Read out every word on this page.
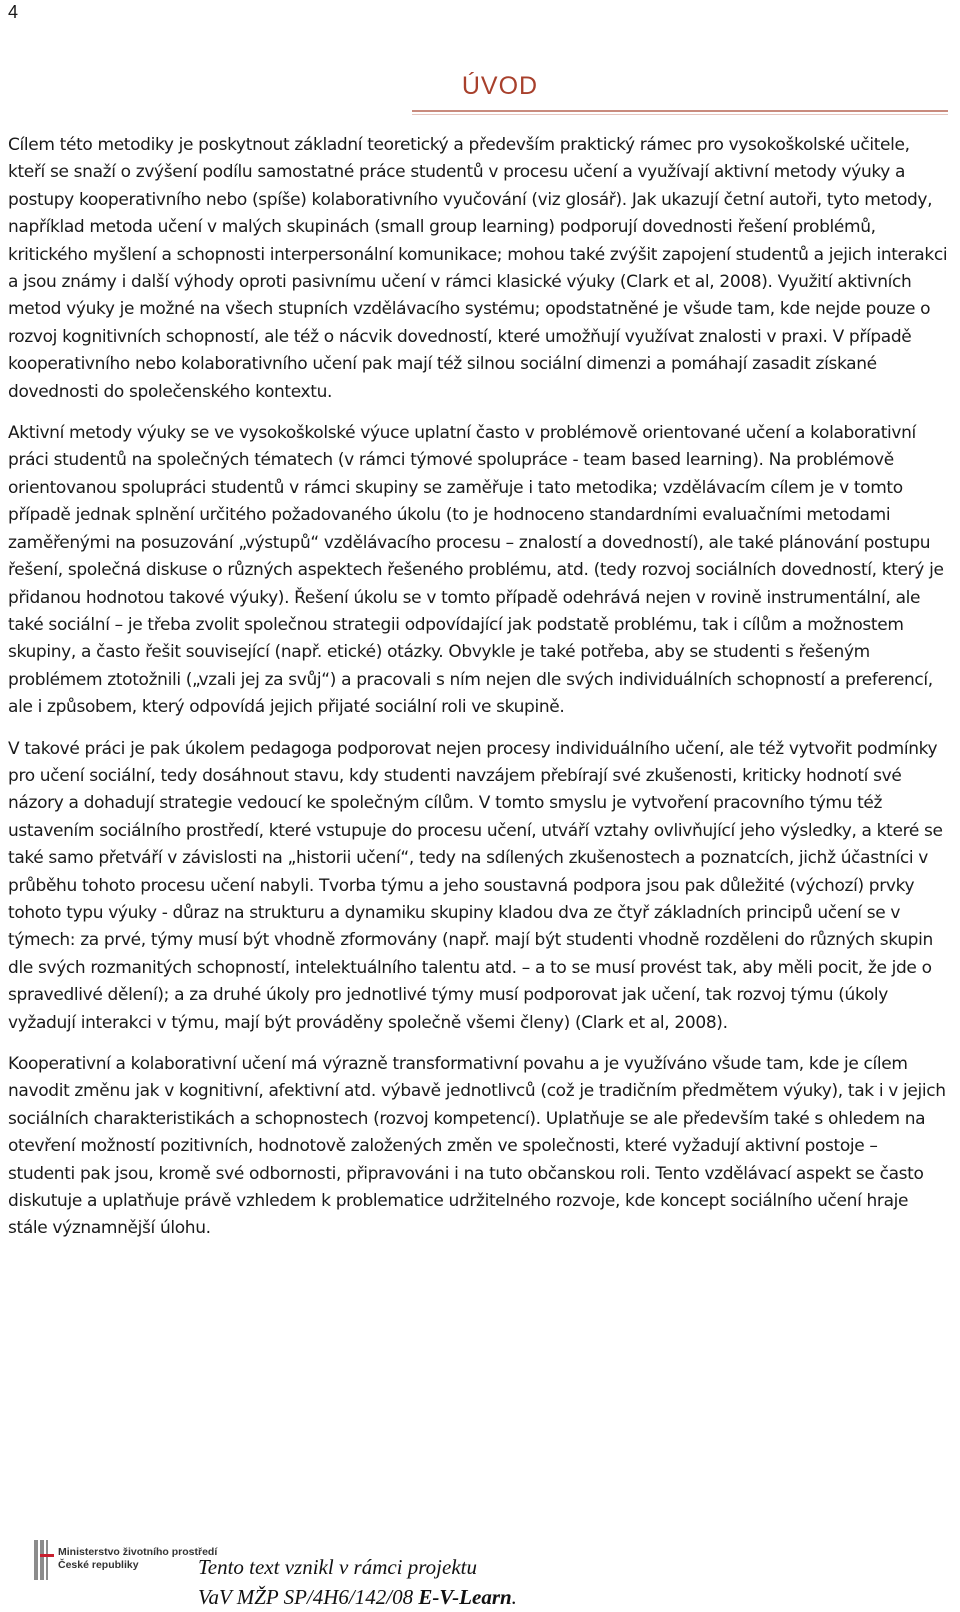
4
ÚVOD

Cílem této metodiky je poskytnout základní teoretický a především praktický rámec pro vysokoškolské učitele, kteří se snaží o zvýšení podílu samostatné práce studentů v procesu učení a využívají aktivní metody výuky a postupy kooperativního nebo (spíše) kolaborativního vyučování (viz glosář). Jak ukazují četní autoři, tyto metody, například metoda učení v malých skupinách (small group learning) podporují dovednosti řešení problémů, kritického myšlení a schopnosti interpersonální komunikace; mohou také zvýšit zapojení studentů a jejich interakci a jsou známy i další výhody oproti pasivnímu učení v rámci klasické výuky (Clark et al, 2008). Využití aktivních metod výuky je možné na všech stupních vzdělávacího systému; opodstatněné je všude tam, kde nejde pouze o rozvoj kognitivních schopností, ale též o nácvik dovedností, které umožňují využívat znalosti v praxi. V případě kooperativního nebo kolaborativního učení pak mají též silnou sociální dimenzi a pomáhají zasadit získané dovednosti do společenského kontextu.

Aktivní metody výuky se ve vysokoškolské výuce uplatní často v problémově orientované učení a kolaborativní práci studentů na společných tématech (v rámci týmové spolupráce - team based learning). Na problémově orientovanou spolupráci studentů v rámci skupiny se zaměřuje i tato metodika; vzdělávacím cílem je v tomto případě jednak splnění určitého požadovaného úkolu (to je hodnoceno standardními evaluačními metodami zaměřenými na posuzování „výstupů“ vzdělávacího procesu – znalostí a dovedností), ale také plánování postupu řešení, společná diskuse o různých aspektech řešeného problému, atd. (tedy rozvoj sociálních dovedností, který je přidanou hodnotou takové výuky). Řešení úkolu se v tomto případě odehrává nejen v rovině instrumentální, ale také sociální – je třeba zvolit společnou strategii odpovídající jak podstatě problému, tak i cílům a možnostem skupiny, a často řešit související (např. etické) otázky. Obvykle je také potřeba, aby se studenti s řešeným problémem ztotožnili („vzali jej za svůj“) a pracovali s ním nejen dle svých individuálních schopností a preferencí, ale i způsobem, který odpovídá jejich přijaté sociální roli ve skupině.

V takové práci je pak úkolem pedagoga podporovat nejen procesy individuálního učení, ale též vytvořit podmínky pro učení sociální, tedy dosáhnout stavu, kdy studenti navzájem přebírají své zkušenosti, kriticky hodnotí své názory a dohadují strategie vedoucí ke společným cílům. V tomto smyslu je vytvoření pracovního týmu též ustavením sociálního prostředí, které vstupuje do procesu učení, utváří vztahy ovlivňující jeho výsledky, a které se také samo přetváří v závislosti na „historii učení“, tedy na sdílených zkušenostech a poznatcích, jichž účastníci v průběhu tohoto procesu učení nabyli. Tvorba týmu a jeho soustavná podpora jsou pak důležité (výchozí) prvky tohoto typu výuky - důraz na strukturu a dynamiku skupiny kladou dva ze čtyř základních principů učení se v týmech: za prvé, týmy musí být vhodně zformovány (např. mají být studenti vhodně rozděleni do různých skupin dle svých rozmanitých schopností, intelektuálního talentu atd. – a to se musí provést tak, aby měli pocit, že jde o spravedlivé dělení); a za druhé úkoly pro jednotlivé týmy musí podporovat jak učení, tak rozvoj týmu (úkoly vyžadují interakci v týmu, mají být prováděny společně všemi členy) (Clark et al, 2008).

Kooperativní a kolaborativní učení má výrazně transformativní povahu a je využíváno všude tam, kde je cílem navodit změnu jak v kognitivní, afektivní atd. výbavě jednotlivců (což je tradičním předmětem výuky), tak i v jejich sociálních charakteristikách a schopnostech (rozvoj kompetencí). Uplatňuje se ale především také s ohledem na otevření možností pozitivních, hodnotově založených změn ve společnosti, které vyžadují aktivní postoje – studenti pak jsou, kromě své odbornosti, připravováni i na tuto občanskou roli. Tento vzdělávací aspekt se často diskutuje a uplatňuje právě vzhledem k problematice udržitelného rozvoje, kde koncept sociálního učení hraje stále významnější úlohu.

Ministerstvo životního prostředí
České republiky	Tento text vznikl v rámci projektu
VaV MŽP SP/4H6/142/08 E-V-Learn.
